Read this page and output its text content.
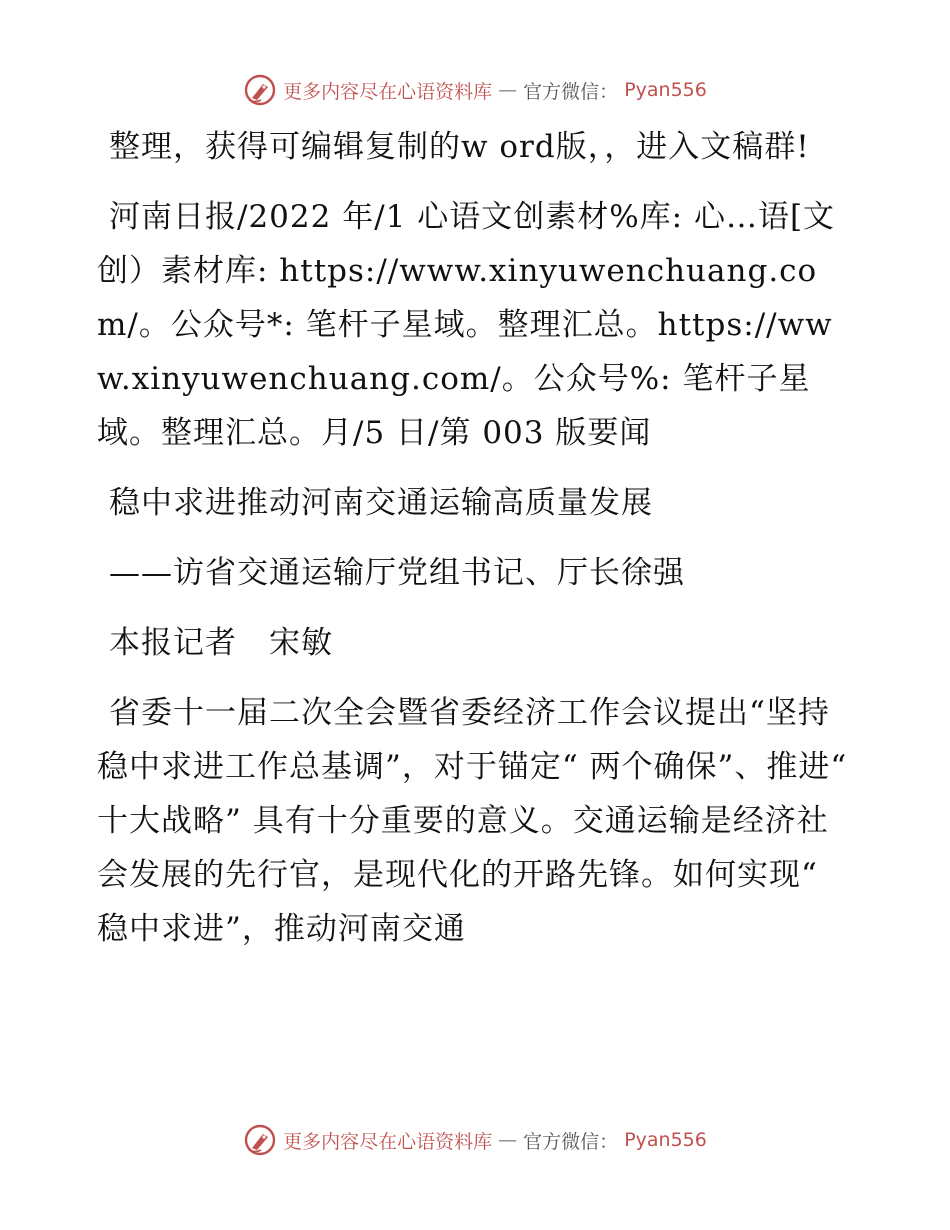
更多内容尽在心语资料库 — 官方微信： Pyan556

整理，获得可编辑复制的w ord版，，进入文稿群!

河南日报/2022 年/1 心语文创素材%库: 心…语[文创）素材库: https://www.xinyuwenchuang.com/。公众号*: 笔杆子星域。整理汇总。https://www.xinyuwenchuang.com/。公众号%: 笔杆子星域。整理汇总。月/5 日/第 003 版要闻

稳中求进推动河南交通运输高质量发展

——访省交通运输厅党组书记、厅长徐强

本报记者　宋敏

省委十一届二次全会暨省委经济工作会议提出“坚持稳中求进工作总基调”，对于锚定“ 两个确保”、推进“ 十大战略” 具有十分重要的意义。交通运输是经济社会发展的先行官，是现代化的开路先锋。如何实现“ 稳中求进”，推动河南交通

更多内容尽在心语资料库 — 官方微信： Pyan556
